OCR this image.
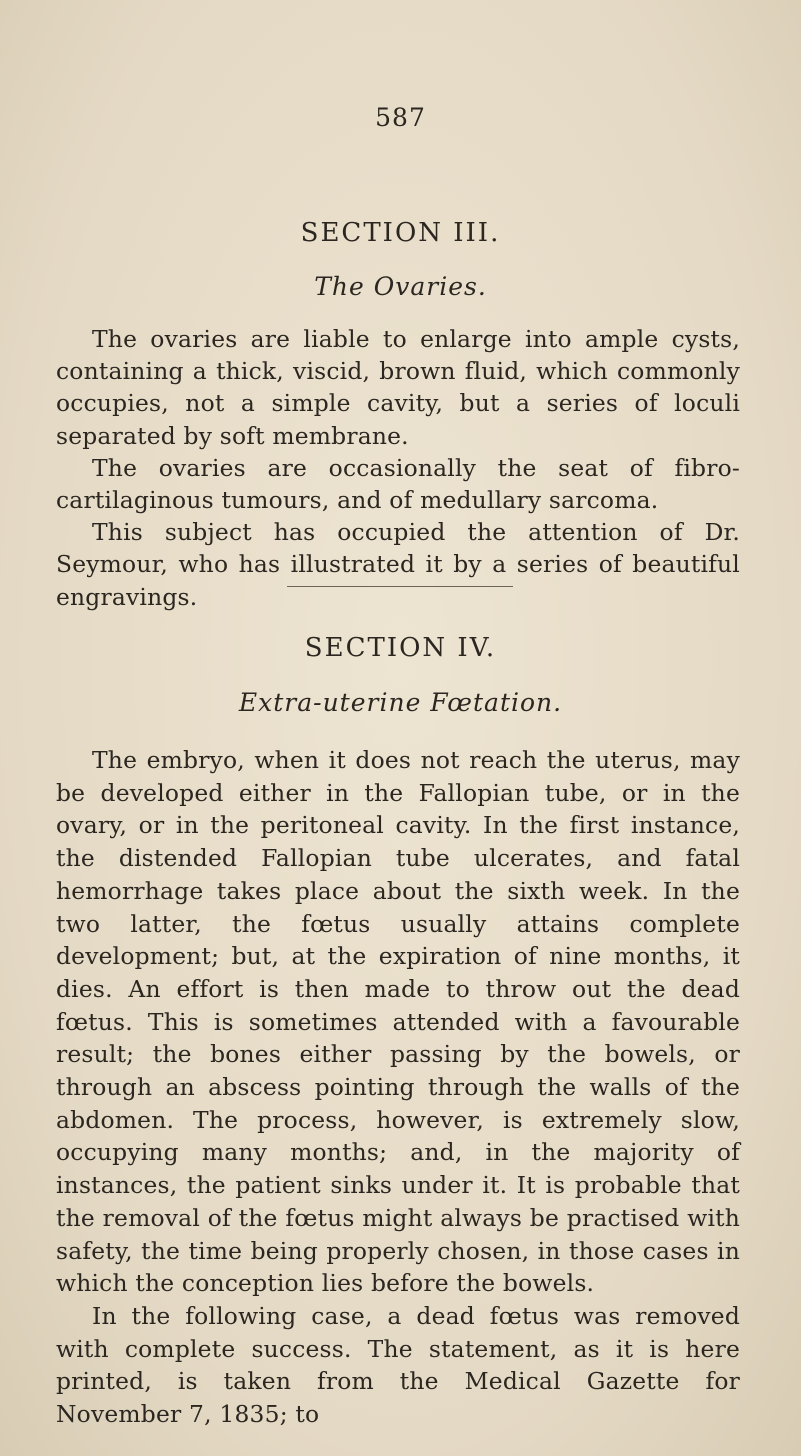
587
SECTION III.
The Ovaries.

The ovaries are liable to enlarge into ample cysts, containing a thick, viscid, brown fluid, which commonly occupies, not a simple cavity, but a series of loculi separated by soft membrane.

The ovaries are occasionally the seat of fibro-cartilaginous tumours, and of medullary sarcoma.

This subject has occupied the attention of Dr. Seymour, who has illustrated it by a series of beautiful engravings.

SECTION IV.
Extra-uterine Fœtation.

The embryo, when it does not reach the uterus, may be developed either in the Fallopian tube, or in the ovary, or in the peritoneal cavity. In the first instance, the distended Fallopian tube ulcerates, and fatal hemorrhage takes place about the sixth week. In the two latter, the fœtus usually attains complete development; but, at the expiration of nine months, it dies. An effort is then made to throw out the dead fœtus. This is sometimes attended with a favourable result; the bones either passing by the bowels, or through an abscess pointing through the walls of the abdomen. The process, however, is extremely slow, occupying many months; and, in the majority of instances, the patient sinks under it. It is probable that the removal of the fœtus might always be practised with safety, the time being properly chosen, in those cases in which the conception lies before the bowels.

In the following case, a dead fœtus was removed with complete success. The statement, as it is here printed, is taken from the Medical Gazette for November 7, 1835; to
